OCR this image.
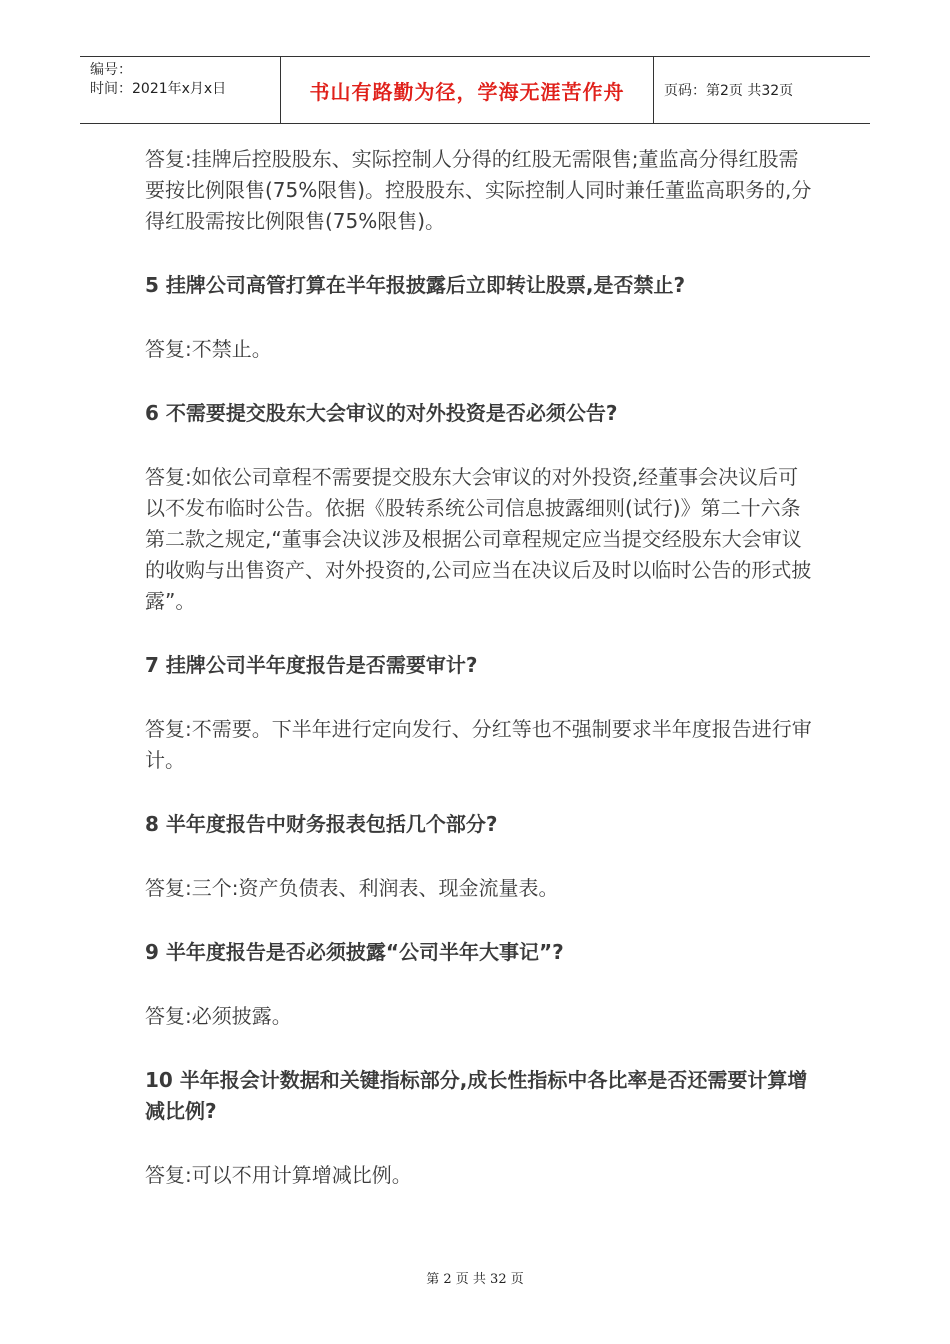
编号：
时间：2021年x月x日	书山有路勤为径，学海无涯苦作舟	页码：第2页 共32页

答复:挂牌后控股股东、实际控制人分得的红股无需限售;董监高分得红股需要按比例限售(75%限售)。控股股东、实际控制人同时兼任董监高职务的,分得红股需按比例限售(75%限售)。

5 挂牌公司高管打算在半年报披露后立即转让股票,是否禁止?

答复:不禁止。

6 不需要提交股东大会审议的对外投资是否必须公告?

答复:如依公司章程不需要提交股东大会审议的对外投资,经董事会决议后可以不发布临时公告。依据《股转系统公司信息披露细则(试行)》第二十六条第二款之规定,“董事会决议涉及根据公司章程规定应当提交经股东大会审议的收购与出售资产、对外投资的,公司应当在决议后及时以临时公告的形式披露”。

7 挂牌公司半年度报告是否需要审计?

答复:不需要。下半年进行定向发行、分红等也不强制要求半年度报告进行审计。

8 半年度报告中财务报表包括几个部分?

答复:三个:资产负债表、利润表、现金流量表。

9 半年度报告是否必须披露“公司半年大事记”?

答复:必须披露。

10 半年报会计数据和关键指标部分,成长性指标中各比率是否还需要计算增减比例?

答复:可以不用计算增减比例。

第 2 页 共 32 页
